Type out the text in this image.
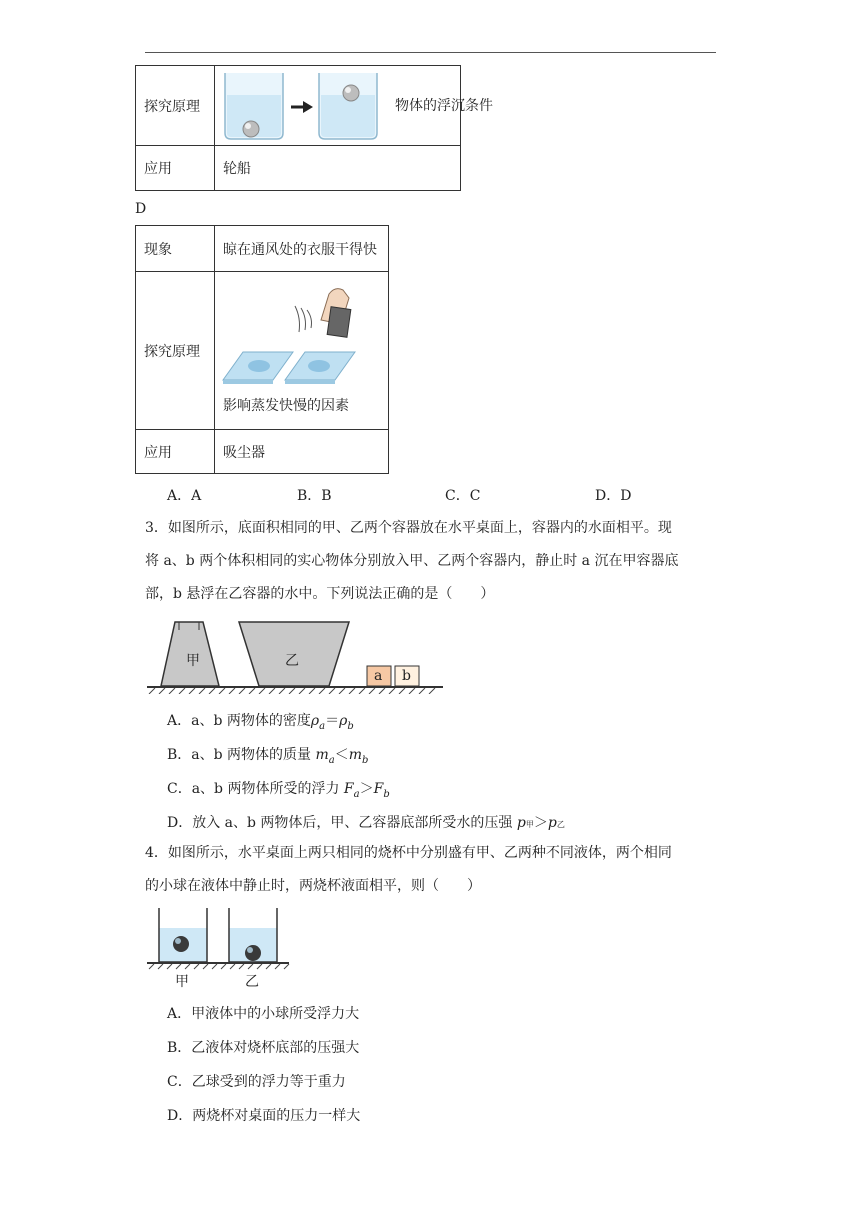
探究原理	物体的浮沉条件

应用	轮船
D
现象	晾在通风处的衣服干得快
探究原理	影响蒸发快慢的因素

应用	吸尘器
A．A	B．B	C．C	D．D
3．如图所示，底面积相同的甲、乙两个容器放在水平桌面上，容器内的水面相平。现
将 a、b 两个体积相同的实心物体分别放入甲、乙两个容器内，静止时 a 沉在甲容器底
部，b 悬浮在乙容器的水中。下列说法正确的是（　　）
甲	乙
a b
A．a、b 两物体的密度$\rho_a=\rho_b$
B．a、b 两物体的质量 $m_a<m_b$
C．a、b 两物体所受的浮力 $F_a>F_b$
D．放入 a、b 两物体后，甲、乙容器底部所受水的压强 p甲＞p乙
4．如图所示，水平桌面上两只相同的烧杯中分别盛有甲、乙两种不同液体，两个相同
的小球在液体中静止时，两烧杯液面相平，则（　　）
甲	乙
A．甲液体中的小球所受浮力大
B．乙液体对烧杯底部的压强大
C．乙球受到的浮力等于重力
D．两烧杯对桌面的压力一样大
